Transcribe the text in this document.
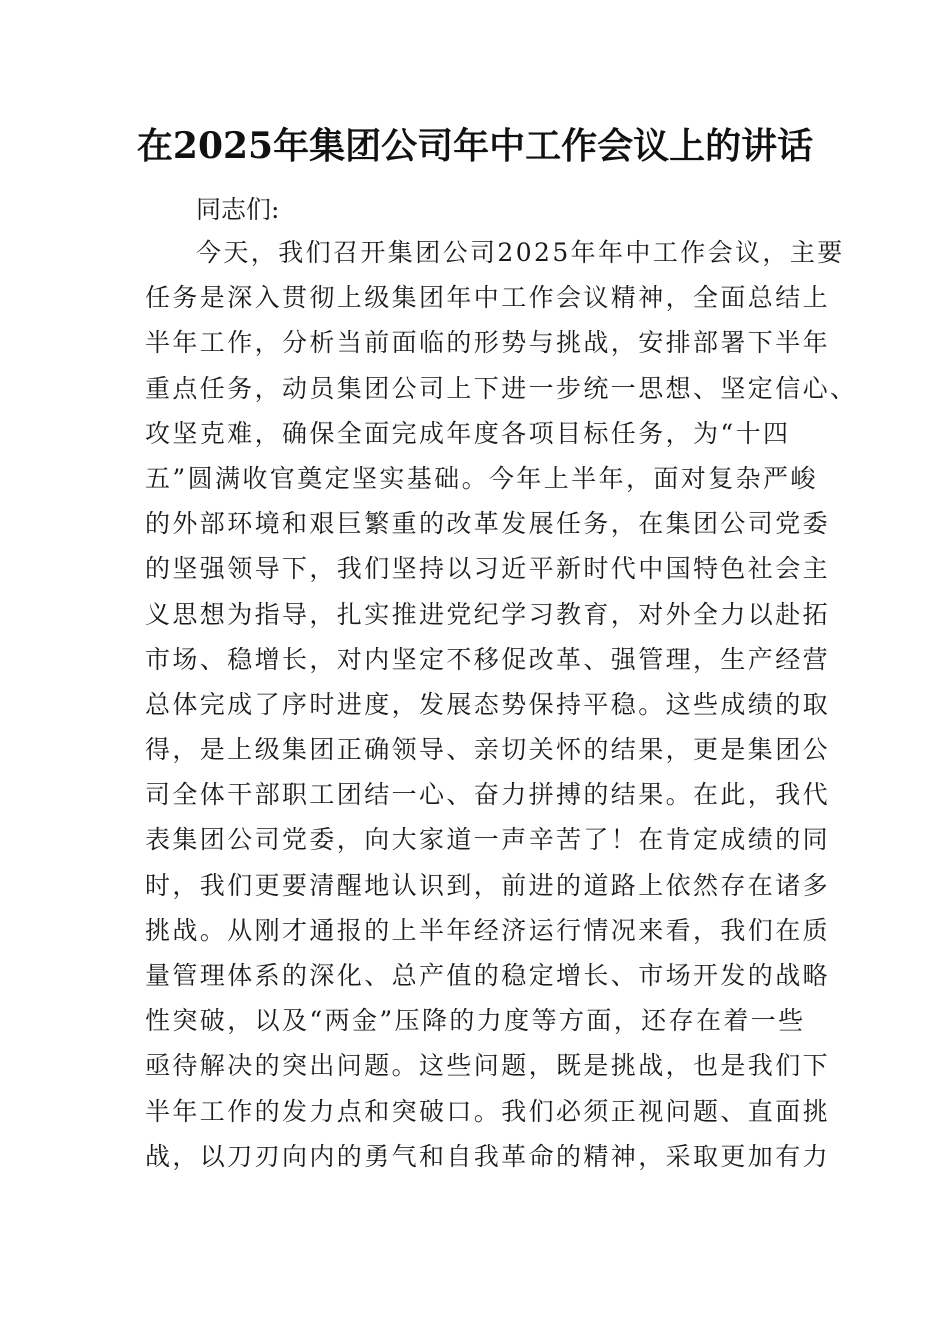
在2025年集团公司年中工作会议上的讲话
同志们:
今天，我们召开集团公司2025年年中工作会议，主要
任务是深入贯彻上级集团年中工作会议精神，全面总结上
半年工作，分析当前面临的形势与挑战，安排部署下半年
重点任务，动员集团公司上下进一步统一思想、坚定信心、
攻坚克难，确保全面完成年度各项目标任务，为“十四
五”圆满收官奠定坚实基础。今年上半年，面对复杂严峻
的外部环境和艰巨繁重的改革发展任务，在集团公司党委
的坚强领导下，我们坚持以习近平新时代中国特色社会主
义思想为指导，扎实推进党纪学习教育，对外全力以赴拓
市场、稳增长，对内坚定不移促改革、强管理，生产经营
总体完成了序时进度，发展态势保持平稳。这些成绩的取
得，是上级集团正确领导、亲切关怀的结果，更是集团公
司全体干部职工团结一心、奋力拼搏的结果。在此，我代
表集团公司党委，向大家道一声辛苦了！在肯定成绩的同
时，我们更要清醒地认识到，前进的道路上依然存在诸多
挑战。从刚才通报的上半年经济运行情况来看，我们在质
量管理体系的深化、总产值的稳定增长、市场开发的战略
性突破，以及“两金”压降的力度等方面，还存在着一些
亟待解决的突出问题。这些问题，既是挑战，也是我们下
半年工作的发力点和突破口。我们必须正视问题、直面挑
战，以刀刃向内的勇气和自我革命的精神，采取更加有力
